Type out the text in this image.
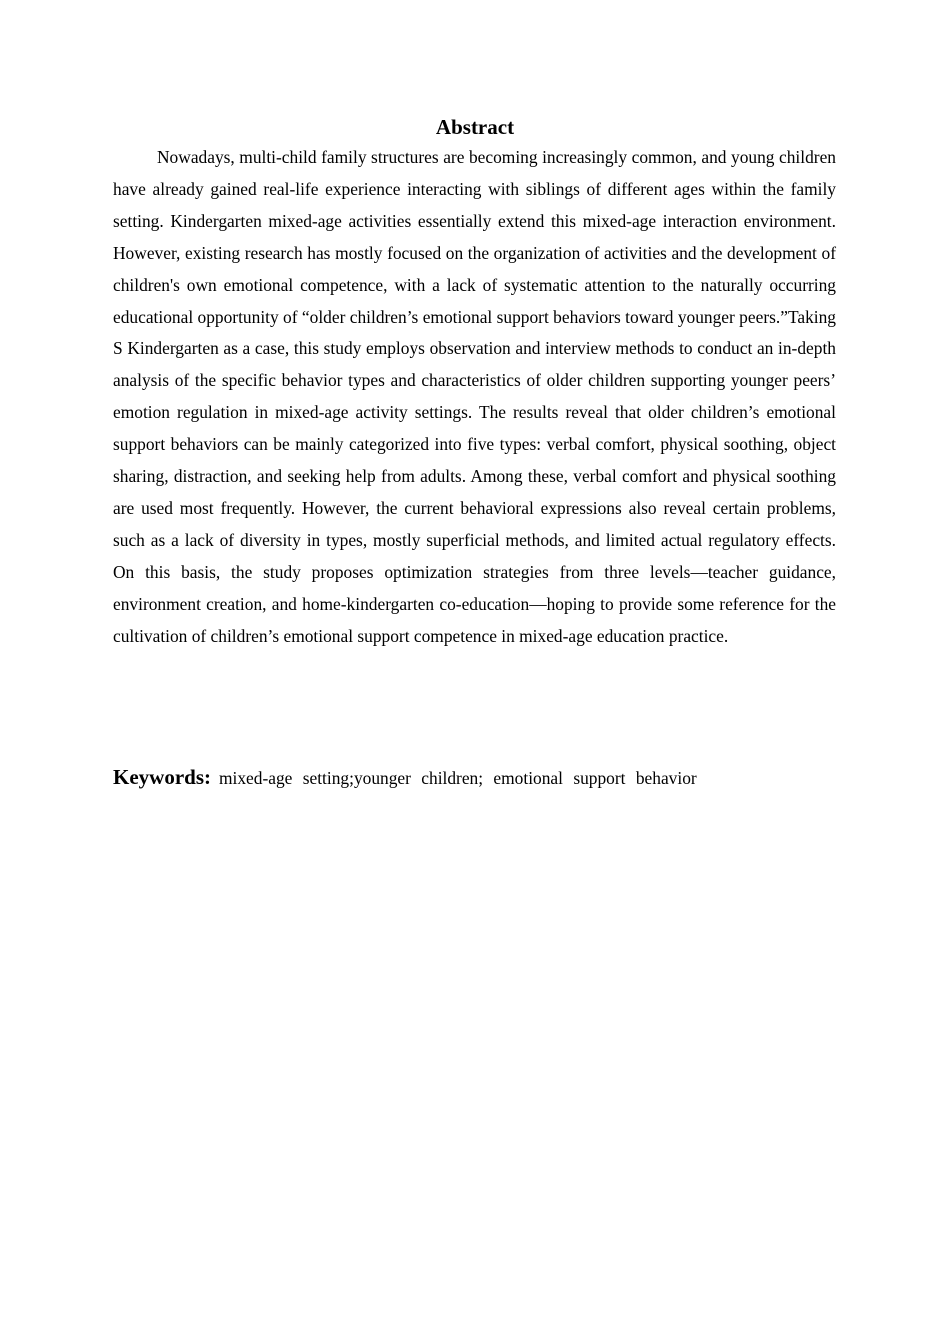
Abstract

Nowadays, multi-child family structures are becoming increasingly common, and young children have already gained real-life experience interacting with siblings of different ages within the family setting. Kindergarten mixed-age activities essentially extend this mixed-age interaction environment. However, existing research has mostly focused on the organization of activities and the development of children's own emotional competence, with a lack of systematic attention to the naturally occurring educational opportunity of “older children’s emotional support behaviors toward younger peers.”Taking S Kindergarten as a case, this study employs observation and interview methods to conduct an in-depth analysis of the specific behavior types and characteristics of older children supporting younger peers’ emotion regulation in mixed-age activity settings. The results reveal that older children’s emotional support behaviors can be mainly categorized into five types: verbal comfort, physical soothing, object sharing, distraction, and seeking help from adults. Among these, verbal comfort and physical soothing are used most frequently. However, the current behavioral expressions also reveal certain problems, such as a lack of diversity in types, mostly superficial methods, and limited actual regulatory effects. On this basis, the study proposes optimization strategies from three levels—teacher guidance, environment creation, and home-kindergarten co-education—hoping to provide some reference for the cultivation of children’s emotional support competence in mixed-age education practice.

Keywords: mixed-age setting;younger children; emotional support behavior
